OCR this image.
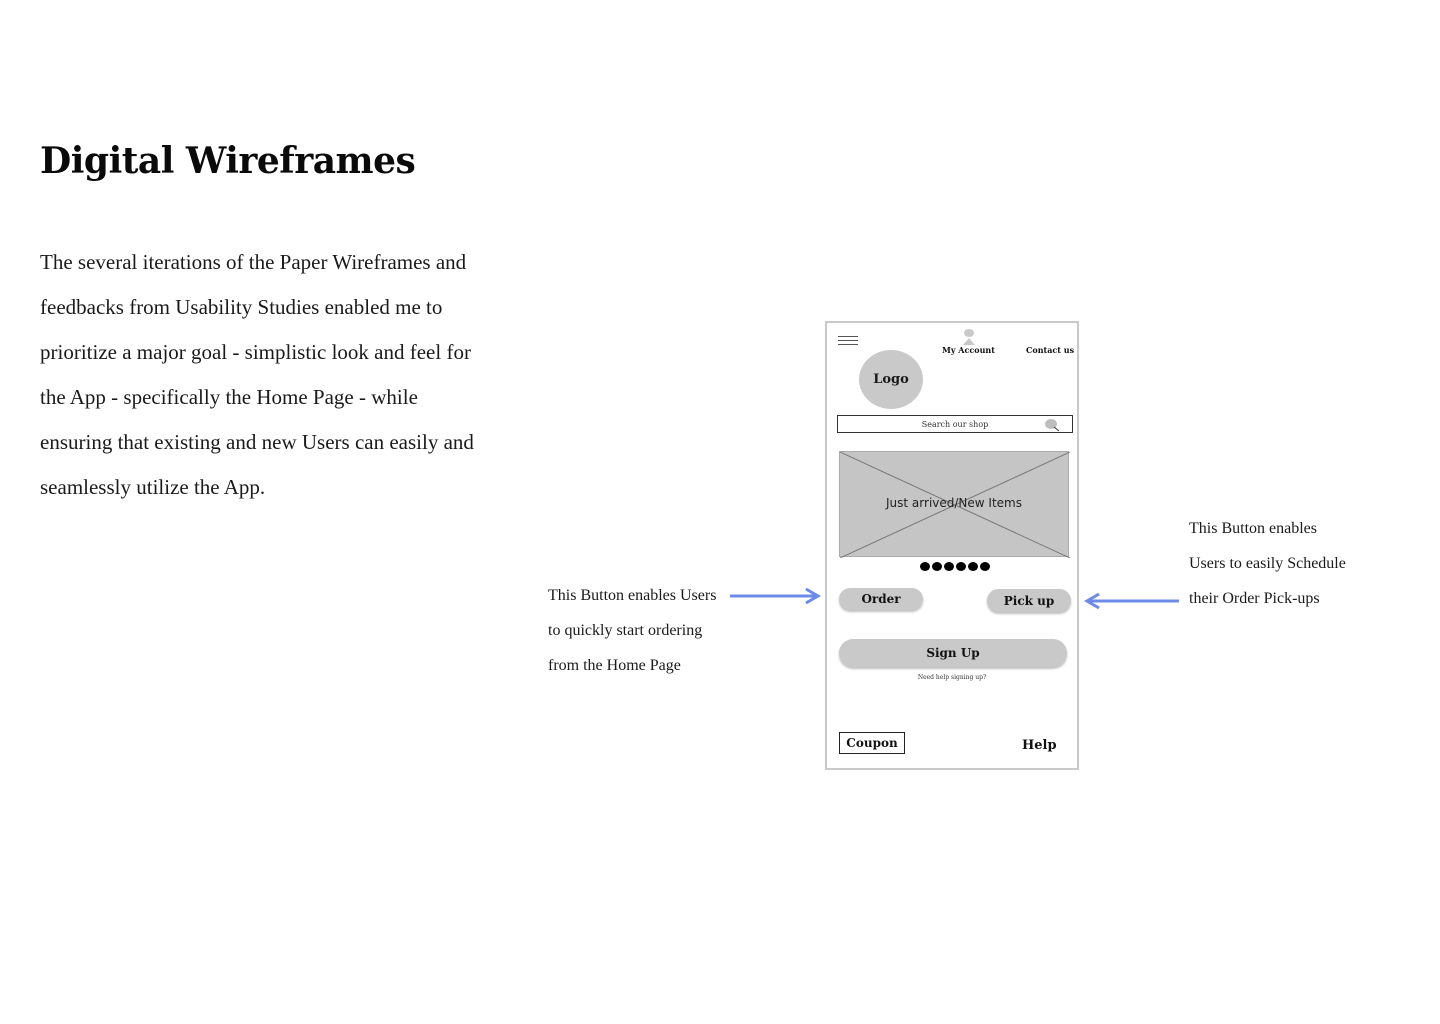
Digital Wireframes
The several iterations of the Paper Wireframes and
feedbacks from Usability Studies enabled me to
prioritize a major goal - simplistic look and feel for
the App - specifically the Home Page - while
ensuring that existing and new Users can easily and
seamlessly utilize the App.
This Button enables Users
to quickly start ordering
from the Home Page
This Button enables
Users to easily Schedule
their Order Pick-ups
My Account	Contact us
Logo
Search our shop
Just arrived/New Items
Order	Pick up
Sign Up
Need help signing up?
Coupon	Help
